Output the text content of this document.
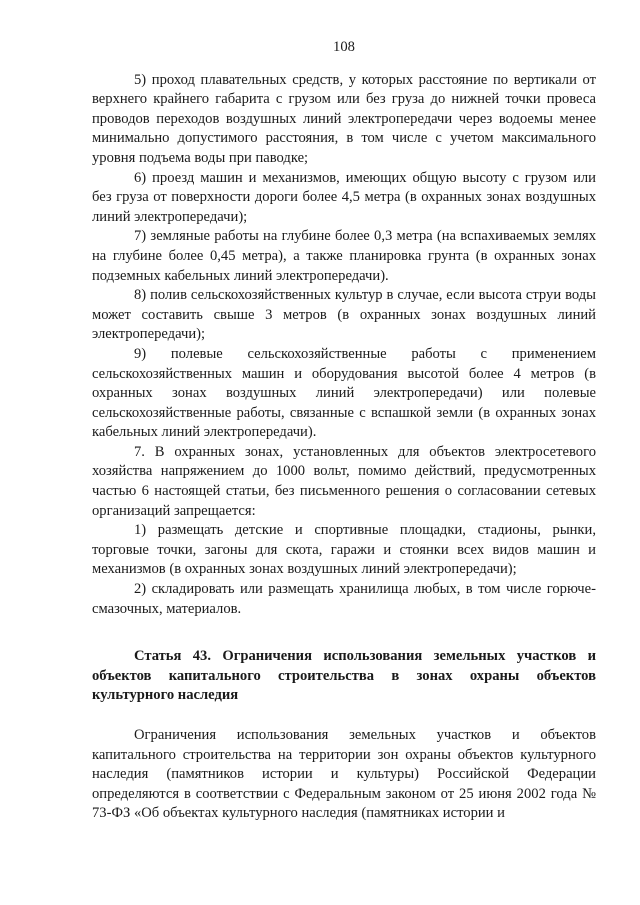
108

5) проход плавательных средств, у которых расстояние по вертикали от верхнего крайнего габарита с грузом или без груза до нижней точки провеса проводов переходов воздушных линий электропередачи через водоемы менее минимально допустимого расстояния, в том числе с учетом максимального уровня подъема воды при паводке;

6) проезд машин и механизмов, имеющих общую высоту с грузом или без груза от поверхности дороги более 4,5 метра (в охранных зонах воздушных линий электропередачи);

7) земляные работы на глубине более 0,3 метра (на вспахиваемых землях на глубине более 0,45 метра), а также планировка грунта (в охранных зонах подземных кабельных линий электропередачи).

8) полив сельскохозяйственных культур в случае, если высота струи воды может составить свыше 3 метров (в охранных зонах воздушных линий электропередачи);

9) полевые сельскохозяйственные работы с применением сельскохозяйственных машин и оборудования высотой более 4 метров (в охранных зонах воздушных линий электропередачи) или полевые сельскохозяйственные работы, связанные с вспашкой земли (в охранных зонах кабельных линий электропередачи).

7. В охранных зонах, установленных для объектов электросетевого хозяйства напряжением до 1000 вольт, помимо действий, предусмотренных частью 6 настоящей статьи, без письменного решения о согласовании сетевых организаций запрещается:

1) размещать детские и спортивные площадки, стадионы, рынки, торговые точки, загоны для скота, гаражи и стоянки всех видов машин и механизмов (в охранных зонах воздушных линий электропередачи);

2) складировать или размещать хранилища любых, в том числе горюче-смазочных, материалов.

Статья 43. Ограничения использования земельных участков и объектов капитального строительства в зонах охраны объектов культурного наследия

Ограничения использования земельных участков и объектов капитального строительства на территории зон охраны объектов культурного наследия (памятников истории и культуры) Российской Федерации определяются в соответствии с Федеральным законом от 25 июня 2002 года № 73-ФЗ «Об объектах культурного наследия (памятниках истории и
